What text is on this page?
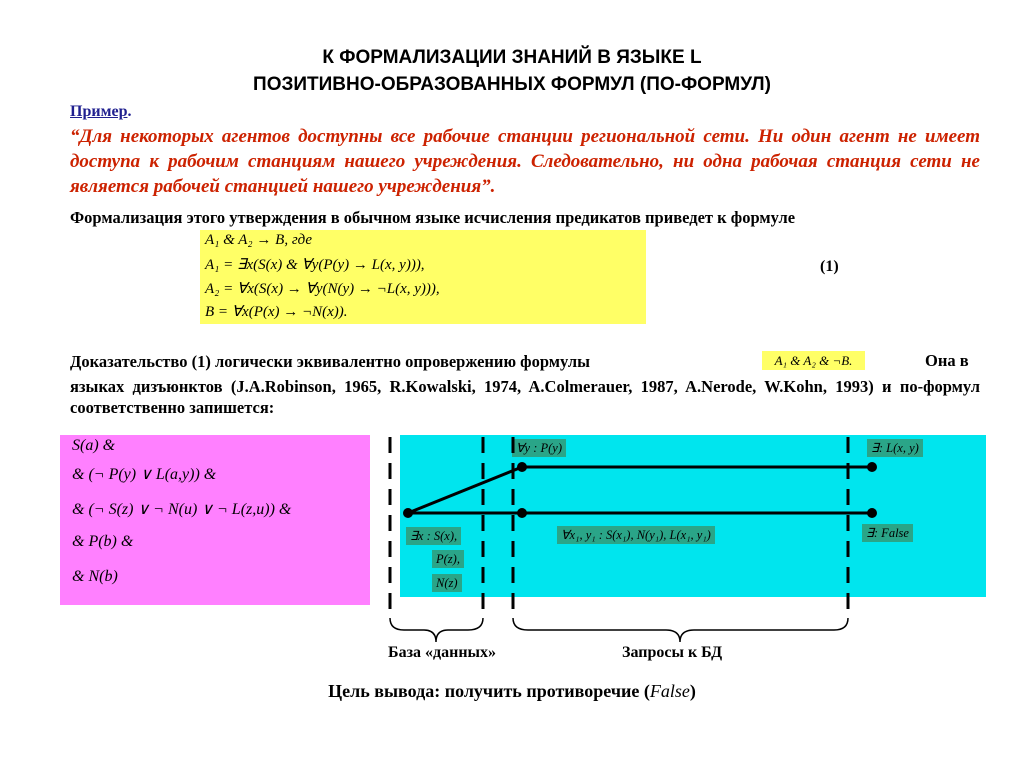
К ФОРМАЛИЗАЦИИ ЗНАНИЙ В ЯЗЫКЕ L
ПОЗИТИВНО-ОБРАЗОВАННЫХ ФОРМУЛ (ПО-ФОРМУЛ)
Пример.
“Для некоторых агентов доступны все рабочие станции региональной сети. Ни один агент не имеет доступа к рабочим станциям нашего учреждения. Следовательно, ни одна рабочая станция сети не является рабочей станцией нашего учреждения”.
Формализация этого утверждения в обычном языке исчисления предикатов приведет к формуле
A₁ & A₂ → B, где
A₁ = ∃x(S(x) & ∀y(P(y) → L(x, y))),
A₂ = ∀x(S(x) → ∀y(N(y) → ¬L(x, y))),
B = ∀x(P(x) → ¬N(x)).
(1)
Доказательство (1) логически эквивалентно опровержению формулы	A₁ & A₂ & ¬B.	Она в
языках дизъюнктов (J.A.Robinson, 1965, R.Kowalski, 1974, A.Colmerauer, 1987, A.Nerode, W.Kohn, 1993) и по-формул соответственно запишется:
S(a) &
& (¬ P(y) ∨ L(a,y)) &
& (¬ S(z) ∨ ¬ N(u) ∨ ¬ L(z,u)) &
& P(b) &
& N(b)
∀y : P(y)	∃: L(x, y)
∀x₁, y₁ : S(x₁), N(y₁), L(x₁, y₁)	∃: False
∃x : S(x),
P(z),
N(z)
База «данных»	Запросы к БД
Цель вывода: получить противоречие (False)
